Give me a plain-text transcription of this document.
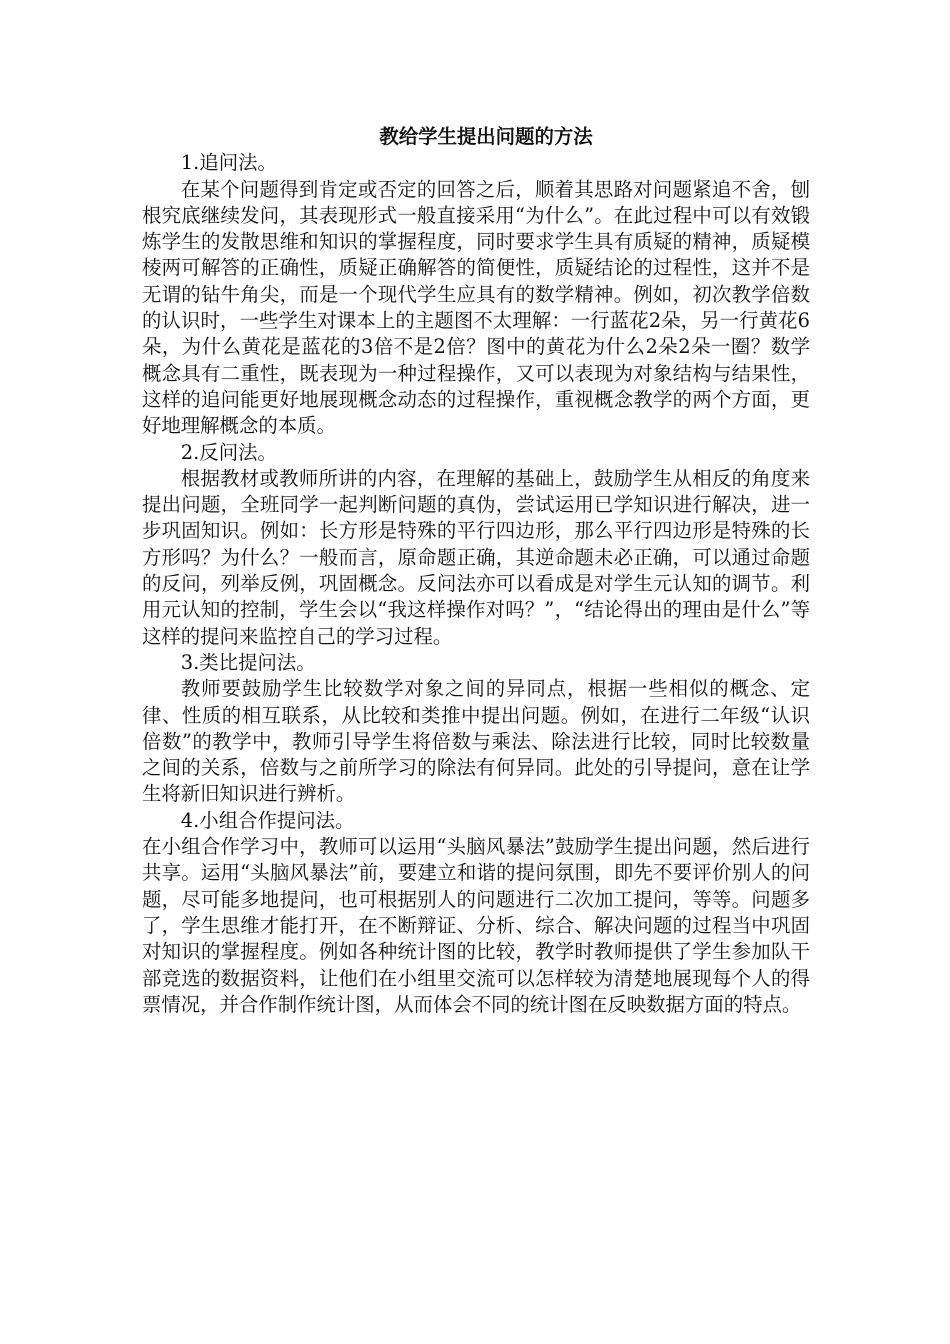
教给学生提出问题的方法

1.追问法。

在某个问题得到肯定或否定的回答之后，顺着其思路对问题紧追不舍，刨根究底继续发问，其表现形式一般直接采用“为什么”。在此过程中可以有效锻炼学生的发散思维和知识的掌握程度，同时要求学生具有质疑的精神，质疑模棱两可解答的正确性，质疑正确解答的简便性，质疑结论的过程性，这并不是无谓的钻牛角尖，而是一个现代学生应具有的数学精神。例如，初次教学倍数的认识时，一些学生对课本上的主题图不太理解：一行蓝花2朵，另一行黄花6朵，为什么黄花是蓝花的3倍不是2倍？图中的黄花为什么2朵2朵一圈？数学概念具有二重性，既表现为一种过程操作，又可以表现为对象结构与结果性，这样的追问能更好地展现概念动态的过程操作，重视概念教学的两个方面，更好地理解概念的本质。

2.反问法。

根据教材或教师所讲的内容，在理解的基础上，鼓励学生从相反的角度来提出问题，全班同学一起判断问题的真伪，尝试运用已学知识进行解决，进一步巩固知识。例如：长方形是特殊的平行四边形，那么平行四边形是特殊的长方形吗？为什么？一般而言，原命题正确，其逆命题未必正确，可以通过命题的反问，列举反例，巩固概念。反问法亦可以看成是对学生元认知的调节。利用元认知的控制，学生会以“我这样操作对吗？”，“结论得出的理由是什么”等这样的提问来监控自己的学习过程。

3.类比提问法。

教师要鼓励学生比较数学对象之间的异同点，根据一些相似的概念、定律、性质的相互联系，从比较和类推中提出问题。例如，在进行二年级“认识倍数”的教学中，教师引导学生将倍数与乘法、除法进行比较，同时比较数量之间的关系，倍数与之前所学习的除法有何异同。此处的引导提问，意在让学生将新旧知识进行辨析。

4.小组合作提问法。

在小组合作学习中，教师可以运用“头脑风暴法”鼓励学生提出问题，然后进行共享。运用“头脑风暴法”前，要建立和谐的提问氛围，即先不要评价别人的问题，尽可能多地提问，也可根据别人的问题进行二次加工提问，等等。问题多了，学生思维才能打开，在不断辩证、分析、综合、解决问题的过程当中巩固对知识的掌握程度。例如各种统计图的比较，教学时教师提供了学生参加队干部竞选的数据资料，让他们在小组里交流可以怎样较为清楚地展现每个人的得票情况，并合作制作统计图，从而体会不同的统计图在反映数据方面的特点。
